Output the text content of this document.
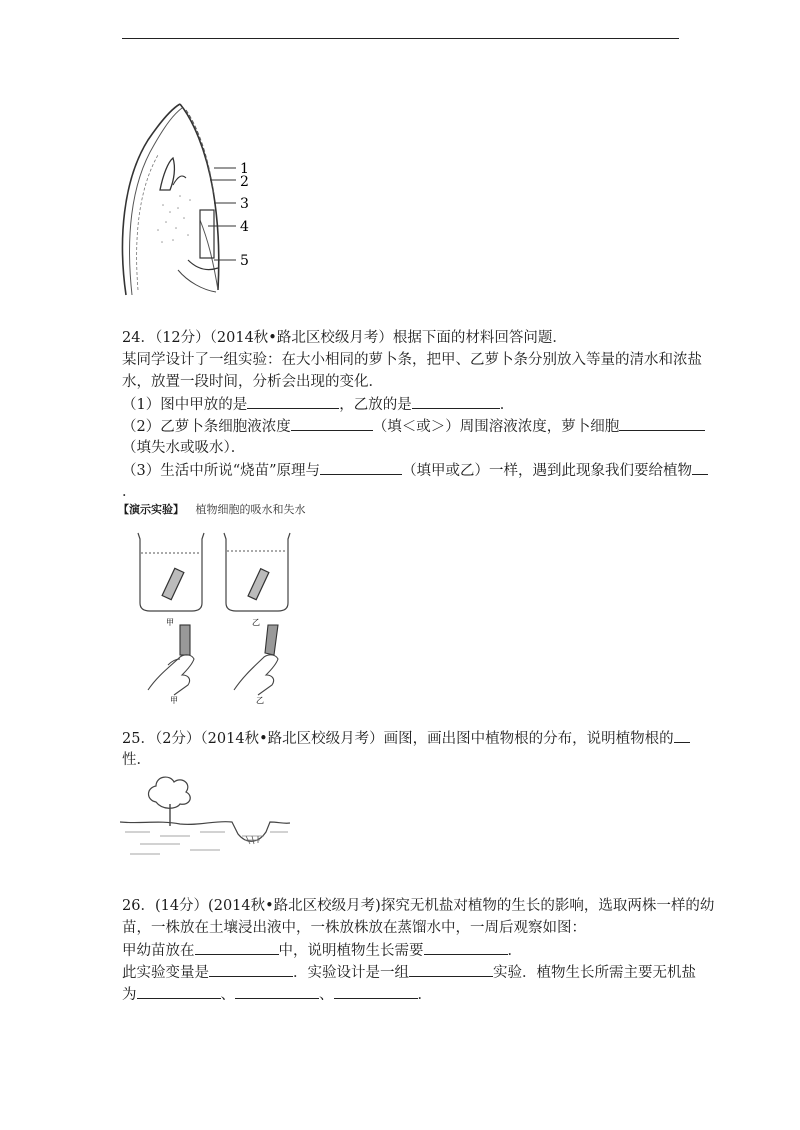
1
2
3
4
5
24．（12分）（2014秋•路北区校级月考）根据下面的材料回答问题．
某同学设计了一组实验：在大小相同的萝卜条，把甲、乙萝卜条分别放入等量的清水和浓盐
水，放置一段时间，分析会出现的变化．
（1）图中甲放的是	，乙放的是	．
（2）乙萝卜条细胞液浓度	（填＜或＞）周围溶液浓度，萝卜细胞
（填失水或吸水）．
（3）生活中所说“烧苗”原理与	（填甲或乙）一样，遇到此现象我们要给植物
．
【演示实验】 植物细胞的吸水和失水
甲	乙
甲	乙
25．（2分）（2014秋•路北区校级月考）画图，画出图中植物根的分布，说明植物根的
性．
26．(14分）(2014秋•路北区校级月考)探究无机盐对植物的生长的影响，选取两株一样的幼
苗，一株放在土壤浸出液中，一株放株放在蒸馏水中，一周后观察如图：
甲幼苗放在	中，说明植物生长需要	．
此实验变量是	．实验设计是一组	实验．植物生长所需主要无机盐
为	、	、	．
